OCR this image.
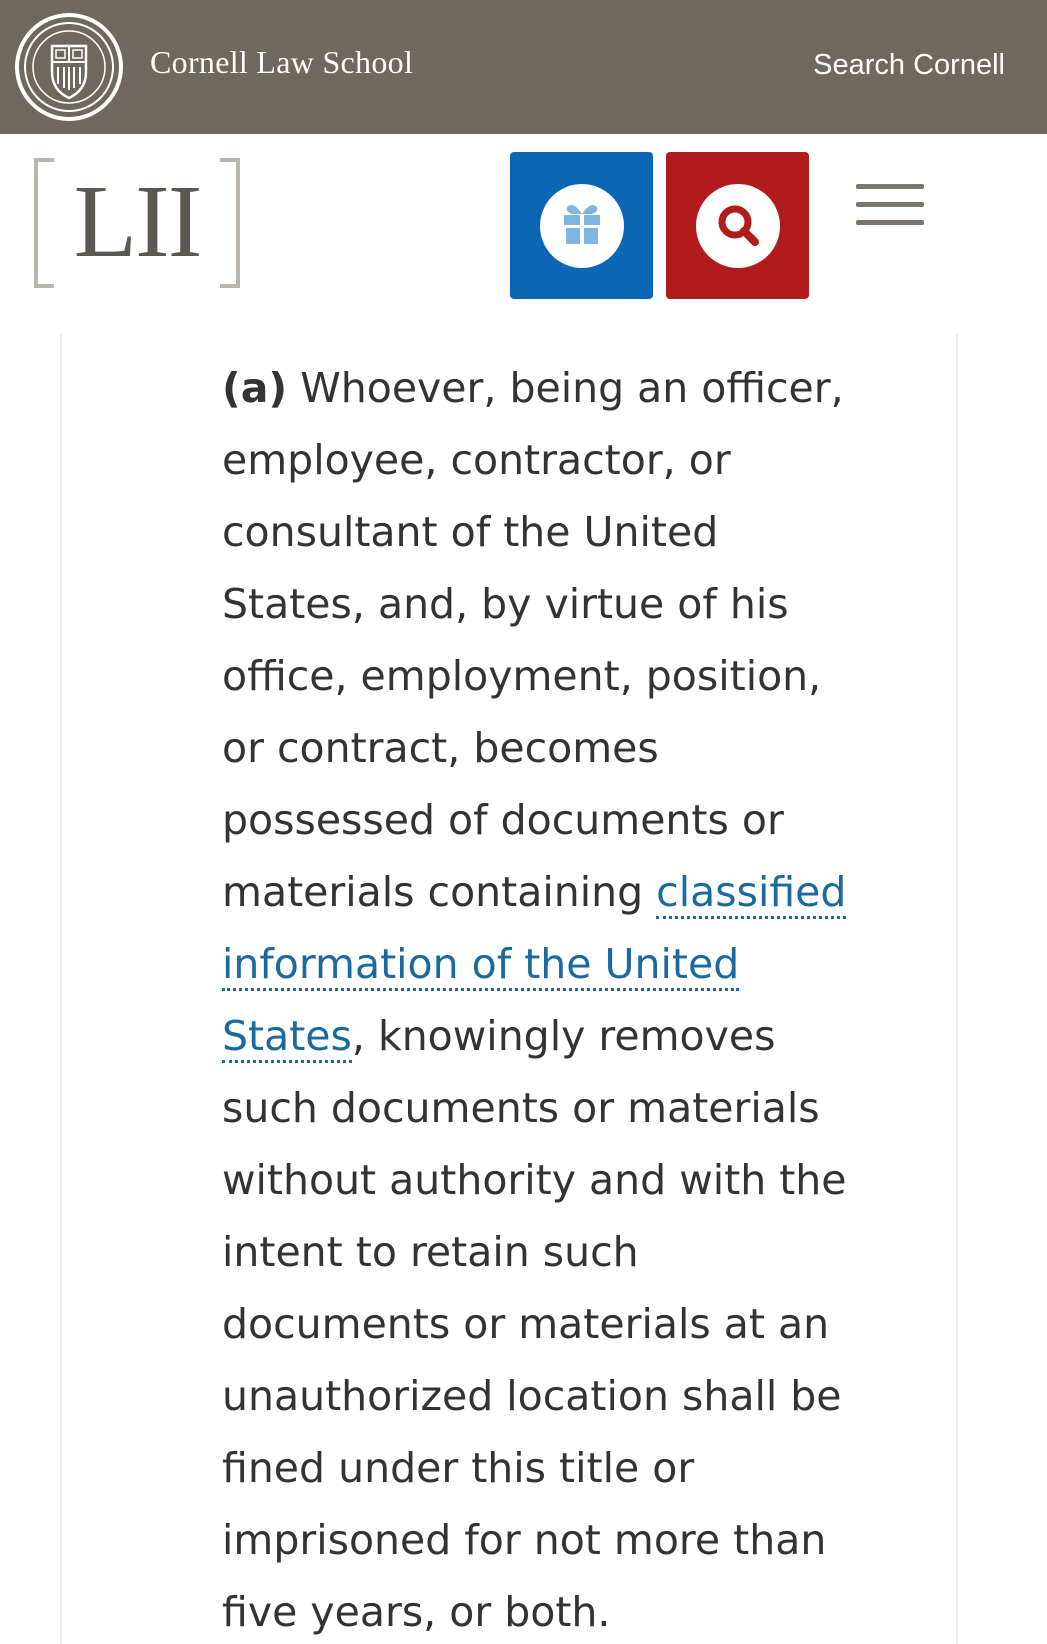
Cornell Law School	Search Cornell
LII

(a) Whoever, being an officer, employee, contractor, or consultant of the United States, and, by virtue of his office, employment, position, or contract, becomes possessed of documents or materials containing classified information of the United States, knowingly removes such documents or materials without authority and with the intent to retain such documents or materials at an unauthorized location shall be fined under this title or imprisoned for not more than five years, or both.
